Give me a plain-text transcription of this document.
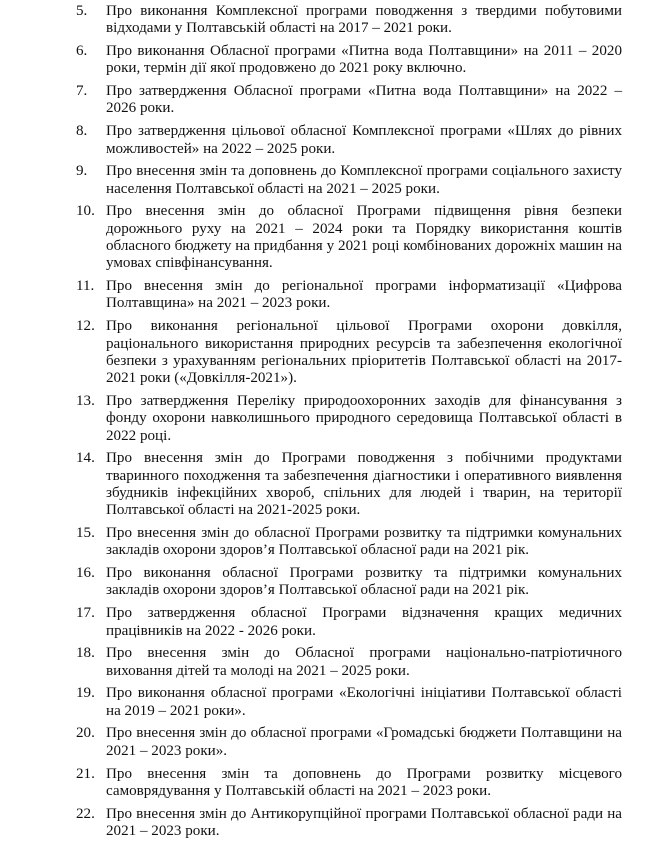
5.	Про виконання Комплексної програми поводження з твердими побутовими відходами у Полтавській області на 2017 – 2021 роки.
6.	Про виконання Обласної програми «Питна вода Полтавщини» на 2011 – 2020 роки, термін дії якої продовжено до 2021 року включно.
7.	Про затвердження Обласної програми «Питна вода Полтавщини» на 2022 – 2026 роки.
8.	Про затвердження цільової обласної Комплексної програми «Шлях до рівних можливостей» на 2022 – 2025 роки.
9.	Про внесення змін та доповнень до Комплексної програми соціального захисту населення Полтавської області на 2021 – 2025 роки.
10. Про внесення змін до обласної Програми підвищення рівня безпеки дорожнього руху на 2021 – 2024 роки та Порядку використання коштів обласного бюджету на придбання у 2021 році комбінованих дорожніх машин на умовах співфінансування.
11. Про внесення змін до регіональної програми інформатизації «Цифрова Полтавщина» на 2021 – 2023 роки.
12. Про виконання регіональної цільової Програми охорони довкілля, раціонального використання природних ресурсів та забезпечення екологічної безпеки з урахуванням регіональних пріоритетів Полтавської області на 2017-2021 роки («Довкілля-2021»).
13. Про затвердження Переліку природоохоронних заходів для фінансування з фонду охорони навколишнього природного середовища Полтавської області в 2022 році.
14. Про внесення змін до Програми поводження з побічними продуктами тваринного походження та забезпечення діагностики і оперативного виявлення збудників інфекційних хвороб, спільних для людей і тварин, на території Полтавської області на 2021-2025 роки.
15. Про внесення змін до обласної Програми розвитку та підтримки комунальних закладів охорони здоров’я Полтавської обласної ради на 2021 рік.
16. Про виконання обласної Програми розвитку та підтримки комунальних закладів охорони здоров’я Полтавської обласної ради на 2021 рік.
17. Про затвердження обласної Програми відзначення кращих медичних працівників на 2022 - 2026 роки.
18. Про внесення змін до Обласної програми національно-патріотичного виховання дітей та молоді на 2021 – 2025 роки.
19. Про виконання обласної програми «Екологічні ініціативи Полтавської області на 2019 – 2021 роки».
20. Про внесення змін до обласної програми «Громадські бюджети Полтавщини на 2021 – 2023 роки».
21. Про внесення змін та доповнень до Програми розвитку місцевого самоврядування у Полтавській області на 2021 – 2023 роки.
22. Про внесення змін до Антикорупційної програми Полтавської обласної ради на 2021 – 2023 роки.
